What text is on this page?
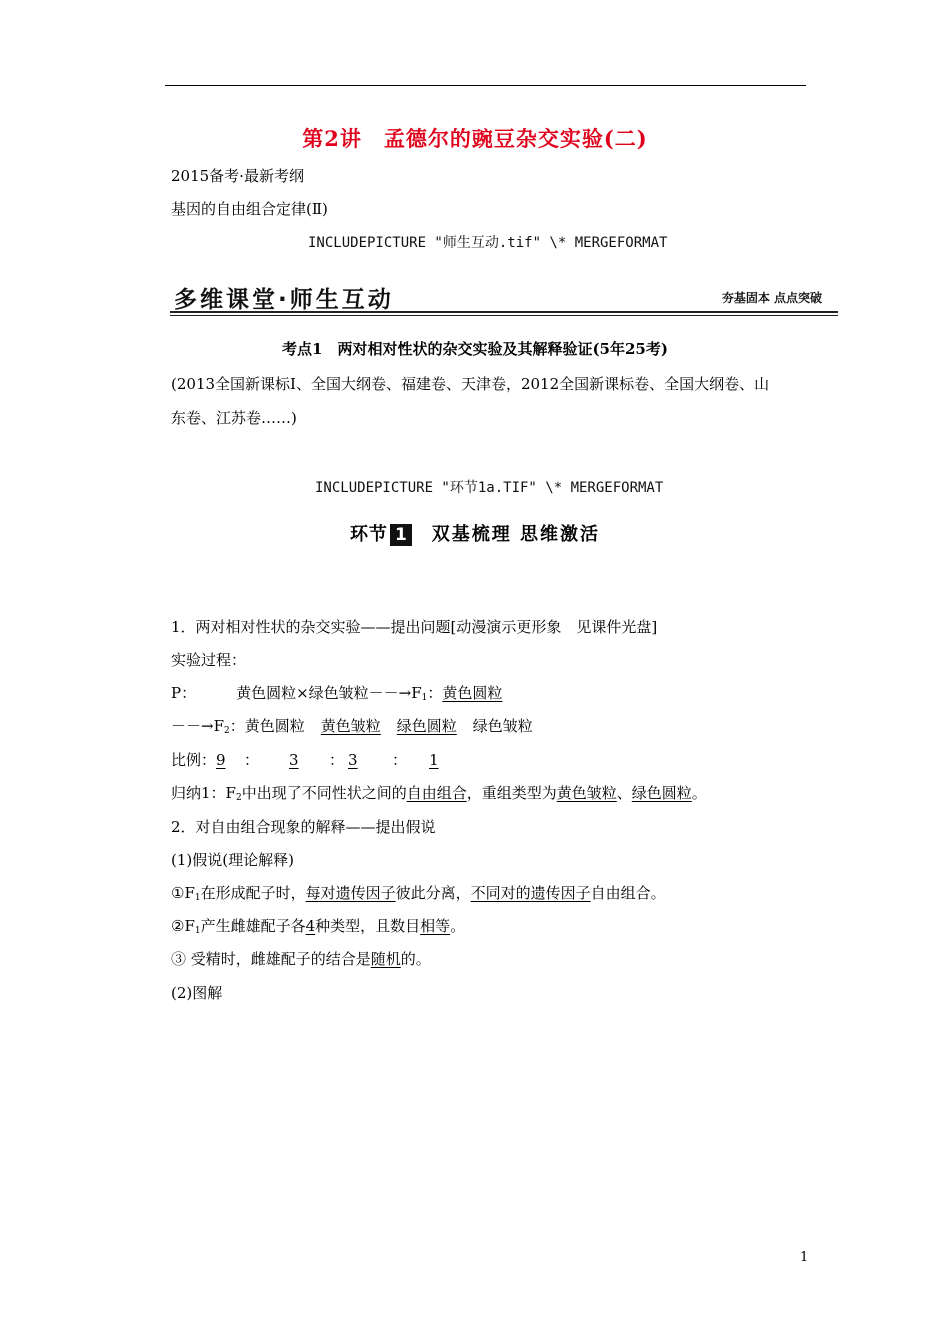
第2讲　孟德尔的豌豆杂交实验(二)
2015备考·最新考纲
基因的自由组合定律(Ⅱ)
INCLUDEPICTURE "师生互动.tif" \* MERGEFORMAT
多维课堂·师生互动	夯基固本 点点突破
考点1　两对相对性状的杂交实验及其解释验证(5年25考)
(2013全国新课标Ⅰ、全国大纲卷、福建卷、天津卷，2012全国新课标卷、全国大纲卷、山
东卷、江苏卷……)
INCLUDEPICTURE "环节1a.TIF" \* MERGEFORMAT
环节 1 双基梳理 思维激活
1．两对相对性状的杂交实验——提出问题[动漫演示更形象　见课件光盘]
实验过程：
P：	黄色圆粒×绿色皱粒$--\to F_1$：黄色圆粒
$--\to F_2$：黄色圆粒 黄色皱粒 绿色圆粒 绿色皱粒
比例：9 ： 3 ： 3 ： 1
归纳1：$F_2$中出现了不同性状之间的自由组合，重组类型为黄色皱粒、绿色圆粒。
2．对自由组合现象的解释——提出假说
(1)假说(理论解释)
$①F_1$在形成配子时，每对遗传因子彼此分离，不同对的遗传因子自由组合。
$②F_1$产生雌雄配子各4种类型，且数目相等。
③ 受精时，雌雄配子的结合是随机的。
(2)图解
1
